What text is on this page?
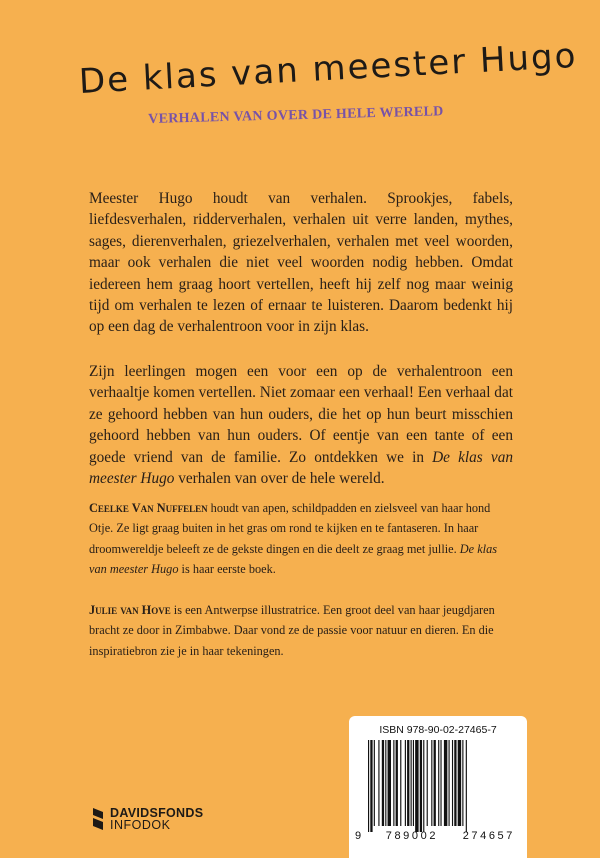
De klas van meester Hugo
VERHALEN VAN OVER DE HELE WERELD

Meester Hugo houdt van verhalen. Sprookjes, fabels, liefdesverhalen, ridderverhalen, verhalen uit verre landen, mythes, sages, dierenverhalen, griezelverhalen, verhalen met veel woorden, maar ook verhalen die niet veel woorden nodig hebben. Omdat iedereen hem graag hoort vertellen, heeft hij zelf nog maar weinig tijd om verhalen te lezen of ernaar te luisteren. Daarom bedenkt hij op een dag de verhalentroon voor in zijn klas.

Zijn leerlingen mogen een voor een op de verhalentroon een verhaaltje komen vertellen. Niet zomaar een verhaal! Een verhaal dat ze gehoord hebben van hun ouders, die het op hun beurt misschien gehoord hebben van hun ouders. Of eentje van een tante of een goede vriend van de familie. Zo ontdekken we in De klas van meester Hugo verhalen van over de hele wereld.

Ceelke Van Nuffelen houdt van apen, schildpadden en zielsveel van haar hond Otje. Ze ligt graag buiten in het gras om rond te kijken en te fantaseren. In haar droomwereldje beleeft ze de gekste dingen en die deelt ze graag met jullie. De klas van meester Hugo is haar eerste boek.

Julie van Hove is een Antwerpse illustratrice. Een groot deel van haar jeugdjaren bracht ze door in Zimbabwe. Daar vond ze de passie voor natuur en dieren. En die inspiratiebron zie je in haar tekeningen.

DAVIDSFONDS
INFODOK
ISBN 978-90-02-27465-7
9 789002 274657
